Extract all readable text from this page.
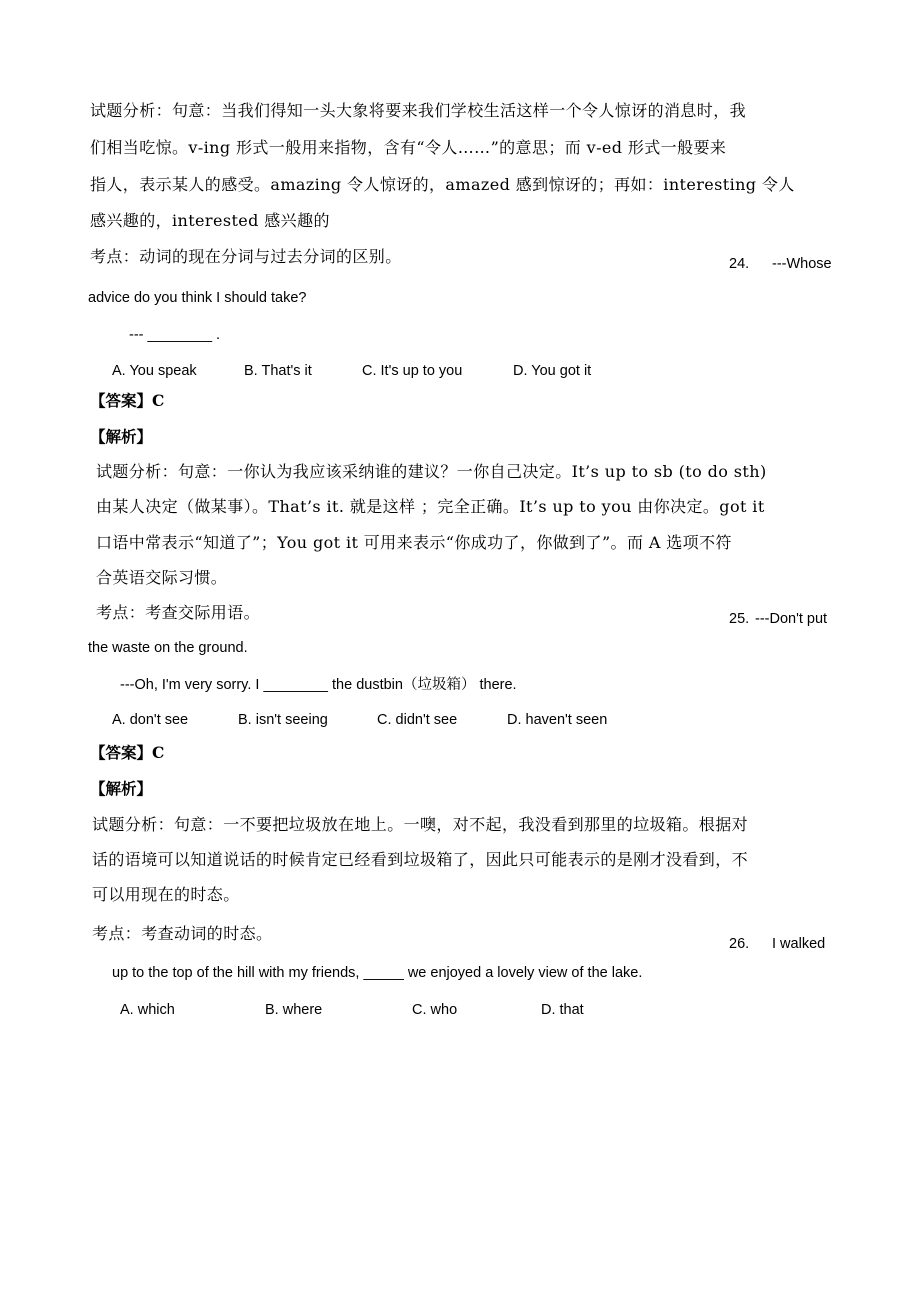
试题分析：句意：当我们得知一头大象将要来我们学校生活这样一个令人惊讶的消息时，我
们相当吃惊。v-ing 形式一般用来指物，含有“令人……”的意思；而 v-ed 形式一般要来
指人，表示某人的感受。amazing 令人惊讶的，amazed 感到惊讶的；再如：interesting 令人
感兴趣的，interested 感兴趣的
考点：动词的现在分词与过去分词的区别。	24. ---Whose
advice do you think I should take?
--- ________ .
A. You speak	B. That's it	C. It's up to you	D. You got it
【答案】C
【解析】
试题分析：句意：一你认为我应该采纳谁的建议？一你自己决定。It’s up to sb (to do sth)
由某人决定（做某事）。That’s it. 就是这样 ；完全正确。It’s up to you 由你决定。got it
口语中常表示“知道了”；You got it 可用来表示“你成功了，你做到了”。而 A 选项不符
合英语交际习惯。
考点：考查交际用语。	25. ---Don't put
the waste on the ground.
---Oh, I'm very sorry. I ________ the dustbin（垃圾箱） there.
A. don't see	B. isn't seeing	C. didn't see	D. haven't seen
【答案】C
【解析】
试题分析：句意：一不要把垃圾放在地上。一噢，对不起，我没看到那里的垃圾箱。根据对
话的语境可以知道说话的时候肯定已经看到垃圾箱了，因此只可能表示的是刚才没看到，不
可以用现在的时态。
考点：考查动词的时态。
26. I walked
up to the top of the hill with my friends, _____ we enjoyed a lovely view of the lake.
A. which	B. where	C. who	D. that
